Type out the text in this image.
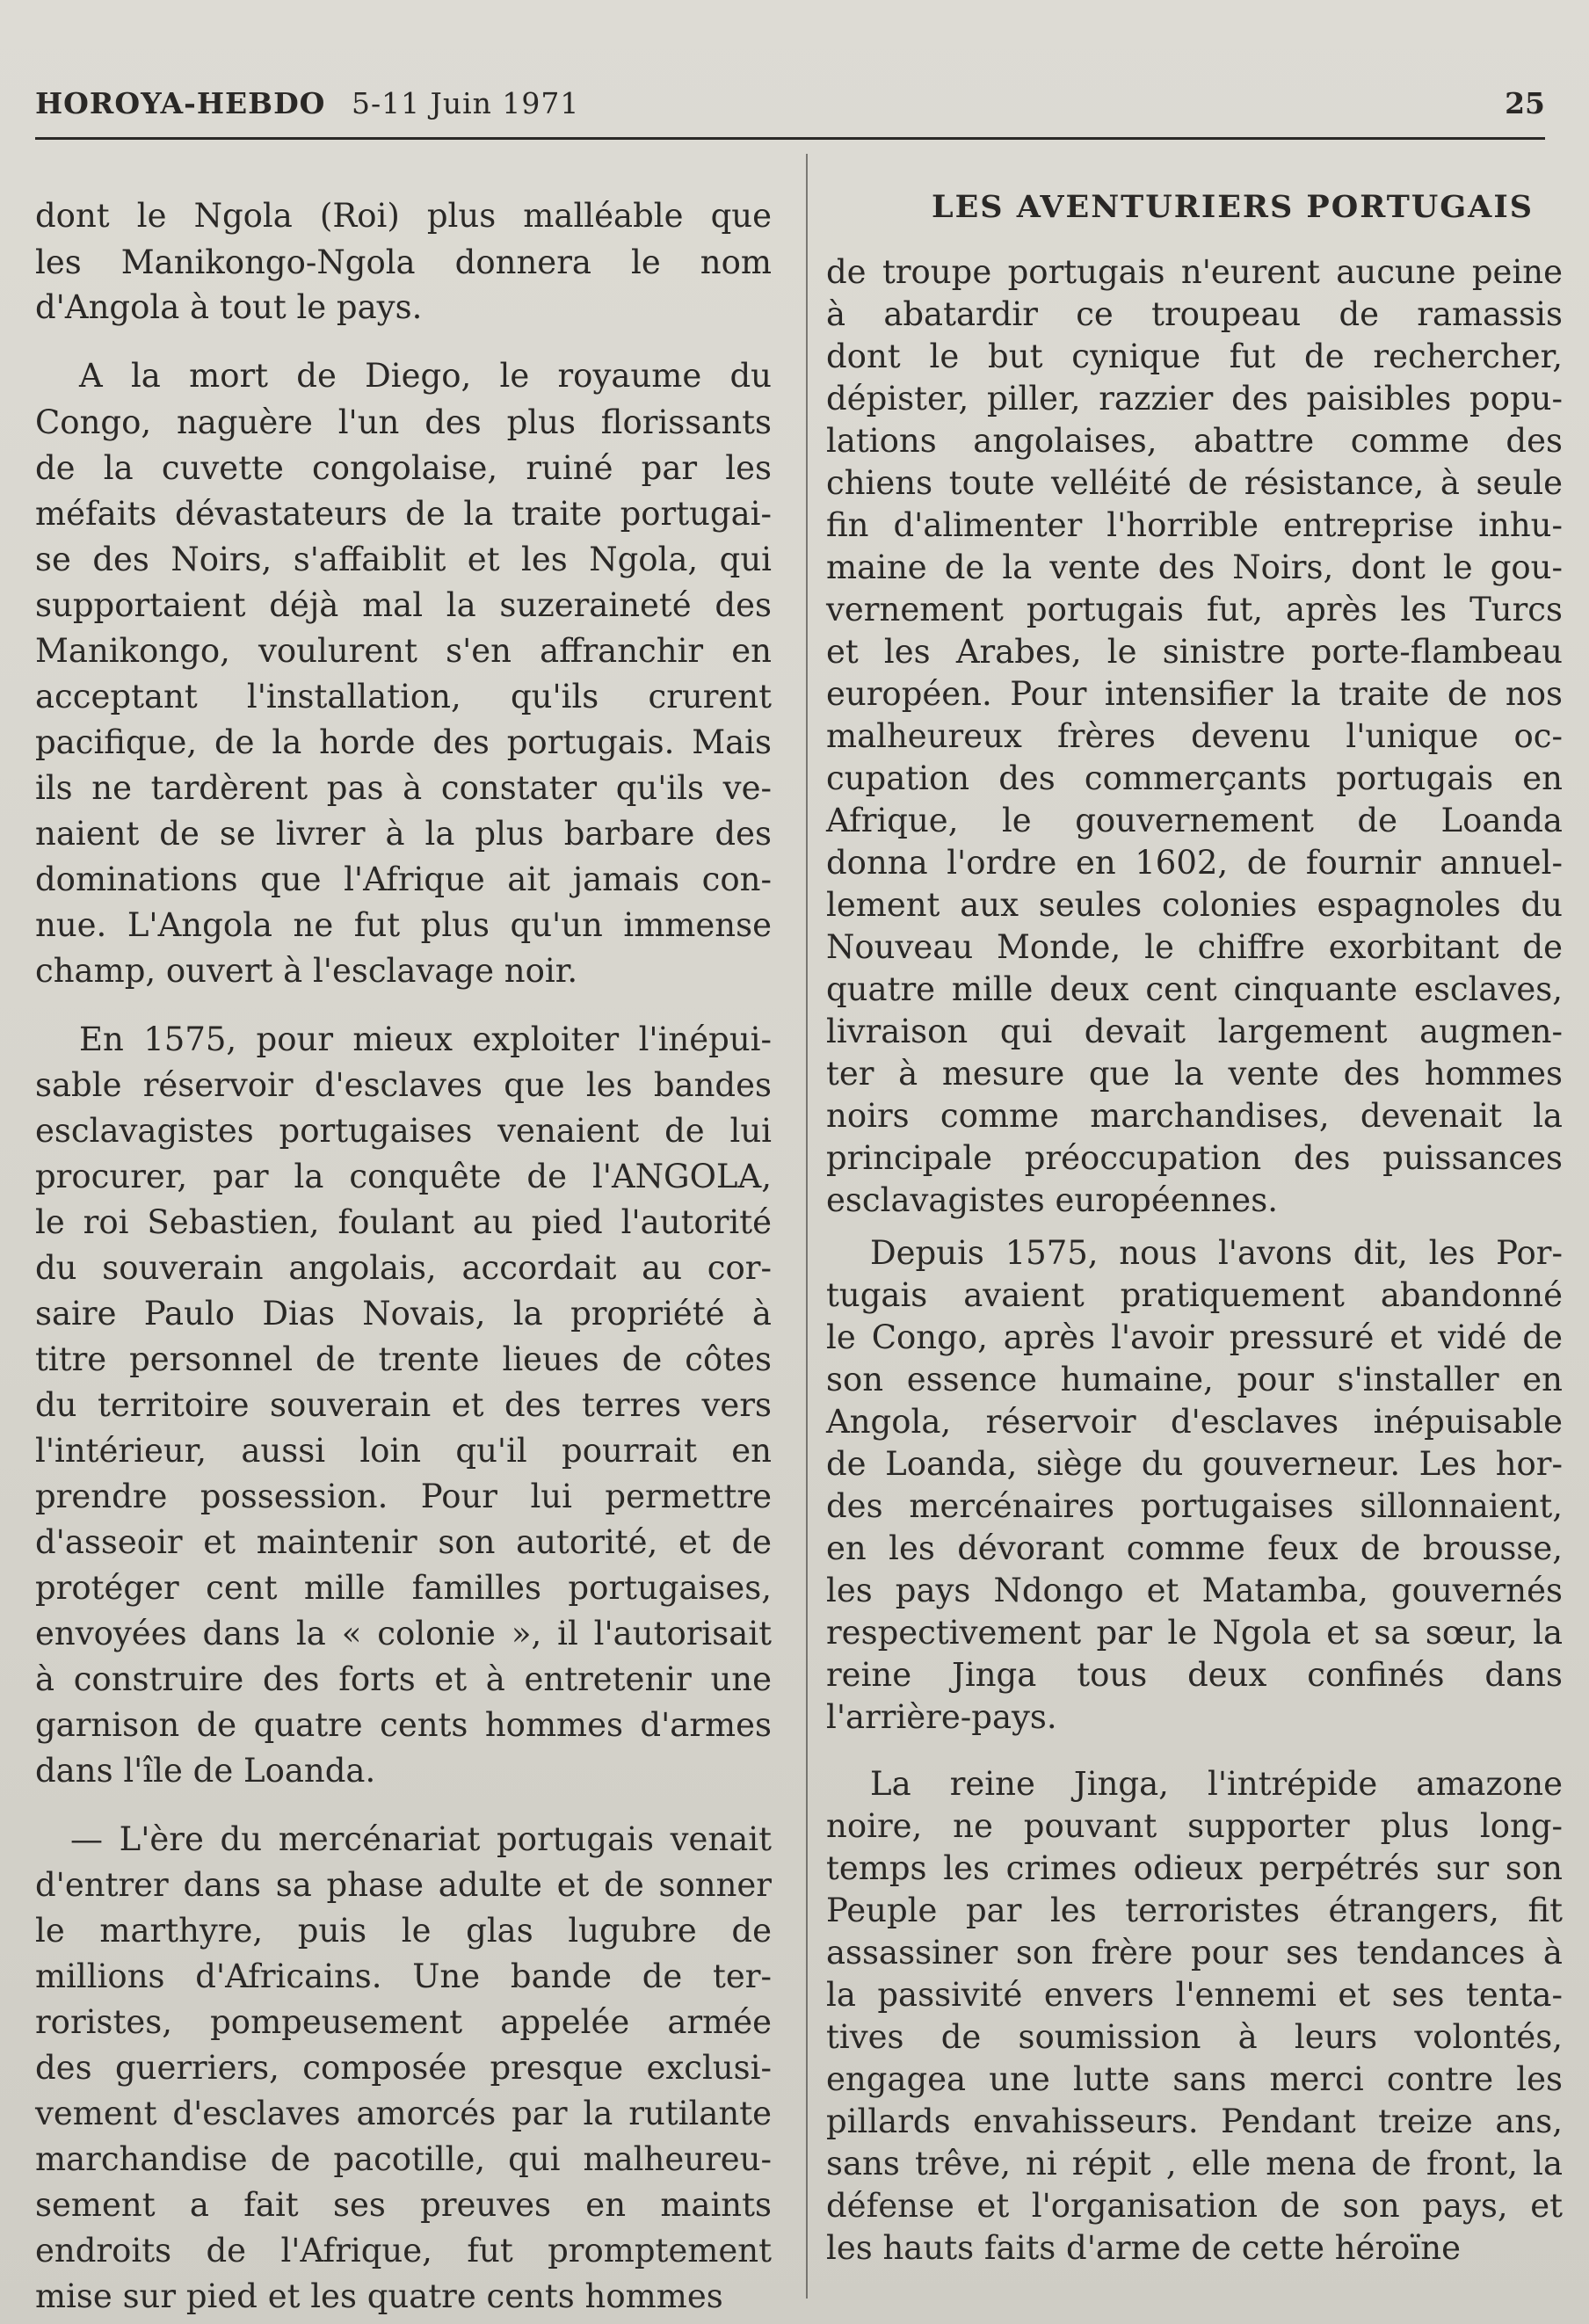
HOROYA-HEBDO 5-11 Juin 1971	25
dont le Ngola (Roi) plus malléable que
les Manikongo-Ngola donnera le nom
d'Angola à tout le pays.
A la mort de Diego, le royaume du
Congo, naguère l'un des plus florissants
de la cuvette congolaise, ruiné par les
méfaits dévastateurs de la traite portugai-
se des Noirs, s'affaiblit et les Ngola, qui
supportaient déjà mal la suzeraineté des
Manikongo, voulurent s'en affranchir en
acceptant l'installation, qu'ils crurent
pacifique, de la horde des portugais. Mais
ils ne tardèrent pas à constater qu'ils ve-
naient de se livrer à la plus barbare des
dominations que l'Afrique ait jamais con-
nue. L'Angola ne fut plus qu'un immense
champ, ouvert à l'esclavage noir.
En 1575, pour mieux exploiter l'inépui-
sable réservoir d'esclaves que les bandes
esclavagistes portugaises venaient de lui
procurer, par la conquête de l'ANGOLA,
le roi Sebastien, foulant au pied l'autorité
du souverain angolais, accordait au cor-
saire Paulo Dias Novais, la propriété à
titre personnel de trente lieues de côtes
du territoire souverain et des terres vers
l'intérieur, aussi loin qu'il pourrait en
prendre possession. Pour lui permettre
d'asseoir et maintenir son autorité, et de
protéger cent mille familles portugaises,
envoyées dans la « colonie », il l'autorisait
à construire des forts et à entretenir une
garnison de quatre cents hommes d'armes
dans l'île de Loanda.
— L'ère du mercénariat portugais venait
d'entrer dans sa phase adulte et de sonner
le marthyre, puis le glas lugubre de
millions d'Africains. Une bande de ter-
roristes, pompeusement appelée armée
des guerriers, composée presque exclusi-
vement d'esclaves amorcés par la rutilante
marchandise de pacotille, qui malheureu-
sement a fait ses preuves en maints
endroits de l'Afrique, fut promptement
mise sur pied et les quatre cents hommes
LES AVENTURIERS PORTUGAIS
de troupe portugais n'eurent aucune peine
à abatardir ce troupeau de ramassis
dont le but cynique fut de rechercher,
dépister, piller, razzier des paisibles popu-
lations angolaises, abattre comme des
chiens toute velléité de résistance, à seule
fin d'alimenter l'horrible entreprise inhu-
maine de la vente des Noirs, dont le gou-
vernement portugais fut, après les Turcs
et les Arabes, le sinistre porte-flambeau
européen. Pour intensifier la traite de nos
malheureux frères devenu l'unique oc-
cupation des commerçants portugais en
Afrique, le gouvernement de Loanda
donna l'ordre en 1602, de fournir annuel-
lement aux seules colonies espagnoles du
Nouveau Monde, le chiffre exorbitant de
quatre mille deux cent cinquante esclaves,
livraison qui devait largement augmen-
ter à mesure que la vente des hommes
noirs comme marchandises, devenait la
principale préoccupation des puissances
esclavagistes européennes.
Depuis 1575, nous l'avons dit, les Por-
tugais avaient pratiquement abandonné
le Congo, après l'avoir pressuré et vidé de
son essence humaine, pour s'installer en
Angola, réservoir d'esclaves inépuisable
de Loanda, siège du gouverneur. Les hor-
des mercénaires portugaises sillonnaient,
en les dévorant comme feux de brousse,
les pays Ndongo et Matamba, gouvernés
respectivement par le Ngola et sa sœur, la
reine Jinga tous deux confinés dans
l'arrière-pays.
La reine Jinga, l'intrépide amazone
noire, ne pouvant supporter plus long-
temps les crimes odieux perpétrés sur son
Peuple par les terroristes étrangers, fit
assassiner son frère pour ses tendances à
la passivité envers l'ennemi et ses tenta-
tives de soumission à leurs volontés,
engagea une lutte sans merci contre les
pillards envahisseurs. Pendant treize ans,
sans trêve, ni répit , elle mena de front, la
défense et l'organisation de son pays, et
les hauts faits d'arme de cette héroïne
